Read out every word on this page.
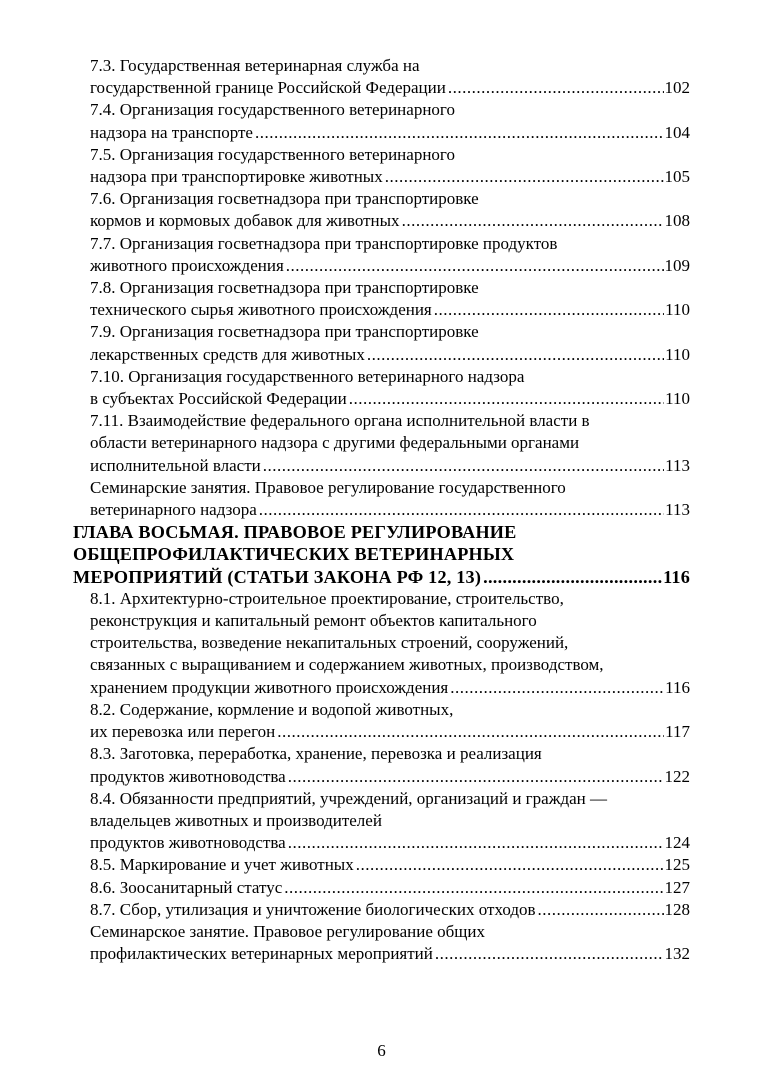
7.3. Государственная ветеринарная служба на
государственной границе Российской Федерации .....	102
7.4. Организация государственного ветеринарного
надзора на транспорте .....	104
7.5. Организация государственного ветеринарного
надзора при транспортировке животных .....	105
7.6. Организация госветнадзора при транспортировке
кормов и кормовых добавок для животных .....	108
7.7. Организация госветнадзора при транспортировке продуктов
животного происхождения .....	109
7.8. Организация госветнадзора при транспортировке
технического сырья животного происхождения .....	110
7.9. Организация госветнадзора при транспортировке
лекарственных средств для животных .....	110
7.10. Организация государственного ветеринарного надзора
в субъектах Российской Федерации .....	110
7.11. Взаимодействие федерального органа исполнительной власти в
области ветеринарного надзора с другими федеральными органами
исполнительной власти .....	113
Семинарские занятия. Правовое регулирование государственного
ветеринарного надзора .....	113
ГЛАВА ВОСЬМАЯ. ПРАВОВОЕ РЕГУЛИРОВАНИЕ
ОБЩЕПРОФИЛАКТИЧЕСКИХ ВЕТЕРИНАРНЫХ
МЕРОПРИЯТИЙ (СТАТЬИ ЗАКОНА РФ 12, 13) .....	116
8.1. Архитектурно-строительное проектирование, строительство,
реконструкция и капитальный ремонт объектов капитального
строительства, возведение некапитальных строений, сооружений,
связанных с выращиванием и содержанием животных, производством,
хранением продукции животного происхождения .....	116
8.2. Содержание, кормление и водопой животных,
их перевозка или перегон .....	117
8.3. Заготовка, переработка, хранение, перевозка и реализация
продуктов животноводства .....	122
8.4. Обязанности предприятий, учреждений, организаций и граждан —
владельцев животных и производителей
продуктов животноводства .....	124
8.5. Маркирование и учет животных .....	125
8.6. Зоосанитарный статус .....	127
8.7. Сбор, утилизация и уничтожение биологических отходов .....	128
Семинарское занятие. Правовое регулирование общих
профилактических ветеринарных мероприятий .....	132
6
